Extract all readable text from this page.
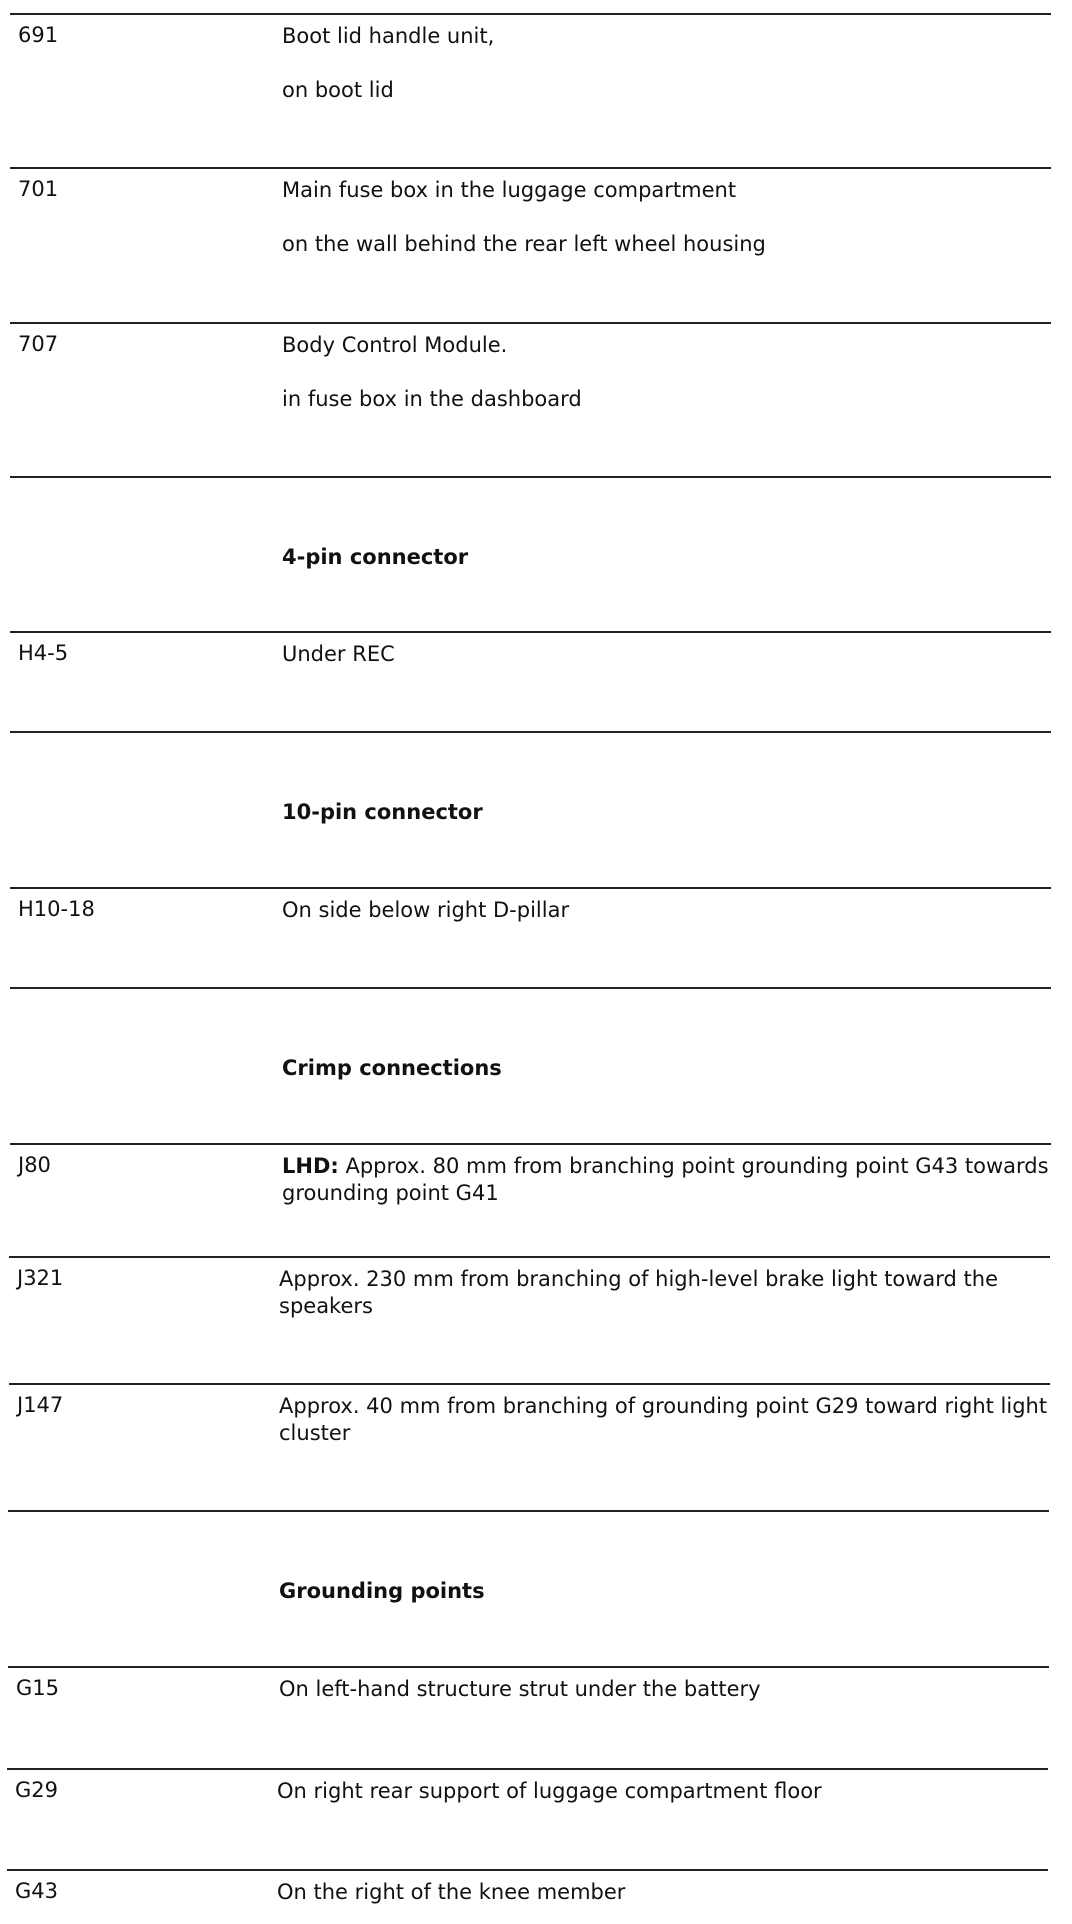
691	Boot lid handle unit,
on boot lid
701	Main fuse box in the luggage compartment
on the wall behind the rear left wheel housing
707	Body Control Module.
in fuse box in the dashboard
4-pin connector
H4-5	Under REC
10-pin connector
H10-18	On side below right D-pillar
Crimp connections
J80	LHD: Approx. 80 mm from branching point grounding point G43 towards grounding point G41
J321	Approx. 230 mm from branching of high-level brake light toward the speakers
J147	Approx. 40 mm from branching of grounding point G29 toward right light cluster
Grounding points
G15	On left-hand structure strut under the battery
G29	On right rear support of luggage compartment floor
G43	On the right of the knee member
